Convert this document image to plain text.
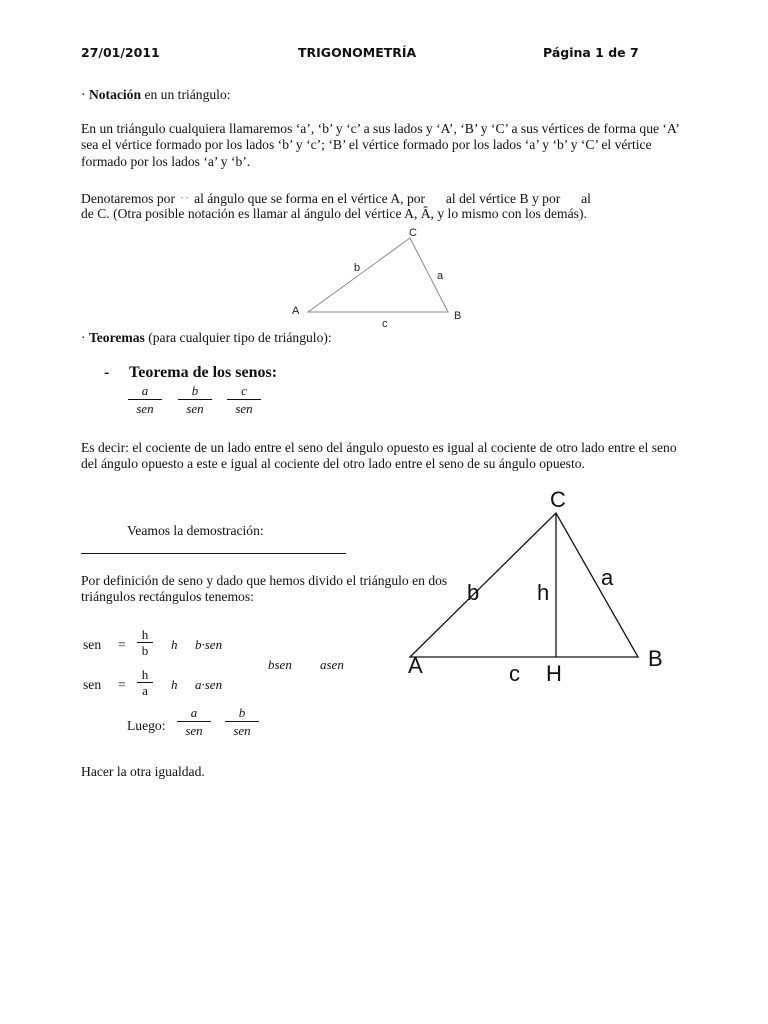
27/01/2011	TRIGONOMETRÍA	Página 1 de 7
· Notación en un triángulo:

En un triángulo cualquiera llamaremos ‘a’, ‘b’ y ‘c’ a sus lados y ‘A’, ‘B’ y ‘C’ a sus vértices de forma que ‘A’ sea el vértice formado por los lados ‘b’ y ‘c’; ‘B’ el vértice formado por los lados ‘a’ y ‘b’ y ‘C’ el vértice formado por los lados ‘a’ y ‘b’.

Denotaremos por - - al ángulo que se forma en el vértice A, por al del vértice B y por al
de C. (Otra posible notación es llamar al ángulo del vértice A, Â, y lo mismo con los demás).
C
A	B
b
a
c
· Teoremas (para cualquier tipo de triángulo):
- Teorema de los senos:
a
sen
b
sen
c
sen

Es decir: el cociente de un lado entre el seno del ángulo opuesto es igual al cociente de otro lado entre el seno del ángulo opuesto a este e igual al cociente del otro lado entre el seno de su ángulo opuesto.

Veamos la demostración:

Por definición de seno y dado que hemos divido el triángulo en dos triángulos rectángulos tenemos:

sen =
h
b	h b·sen
bsen asen
sen =
h
a	h a·sen
Luego:
a
sen
b
sen
Hacer la otra igualdad.
C
A	B
b
a
h
c H
